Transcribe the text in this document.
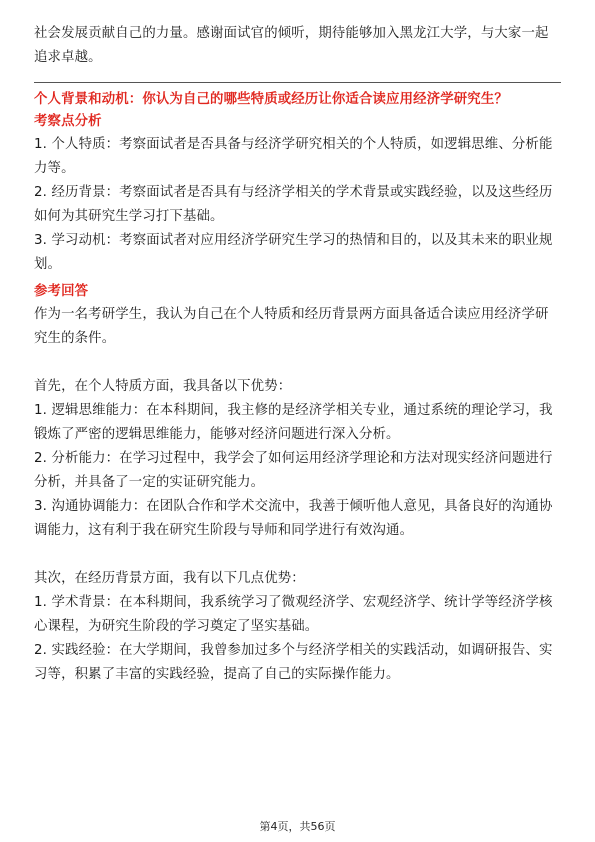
社会发展贡献自己的力量。感谢面试官的倾听，期待能够加入黑龙江大学，与大家一起追求卓越。

个人背景和动机：你认为自己的哪些特质或经历让你适合读应用经济学研究生？

考察点分析

1. 个人特质：考察面试者是否具备与经济学研究相关的个人特质，如逻辑思维、分析能力等。

2. 经历背景：考察面试者是否具有与经济学相关的学术背景或实践经验，以及这些经历如何为其研究生学习打下基础。

3. 学习动机：考察面试者对应用经济学研究生学习的热情和目的，以及其未来的职业规划。

参考回答

作为一名考研学生，我认为自己在个人特质和经历背景两方面具备适合读应用经济学研究生的条件。

首先，在个人特质方面，我具备以下优势：

1. 逻辑思维能力：在本科期间，我主修的是经济学相关专业，通过系统的理论学习，我锻炼了严密的逻辑思维能力，能够对经济问题进行深入分析。

2. 分析能力：在学习过程中，我学会了如何运用经济学理论和方法对现实经济问题进行分析，并具备了一定的实证研究能力。

3. 沟通协调能力：在团队合作和学术交流中，我善于倾听他人意见，具备良好的沟通协调能力，这有利于我在研究生阶段与导师和同学进行有效沟通。

其次，在经历背景方面，我有以下几点优势：

1. 学术背景：在本科期间，我系统学习了微观经济学、宏观经济学、统计学等经济学核心课程，为研究生阶段的学习奠定了坚实基础。

2. 实践经验：在大学期间，我曾参加过多个与经济学相关的实践活动，如调研报告、实习等，积累了丰富的实践经验，提高了自己的实际操作能力。

第4页，共56页
